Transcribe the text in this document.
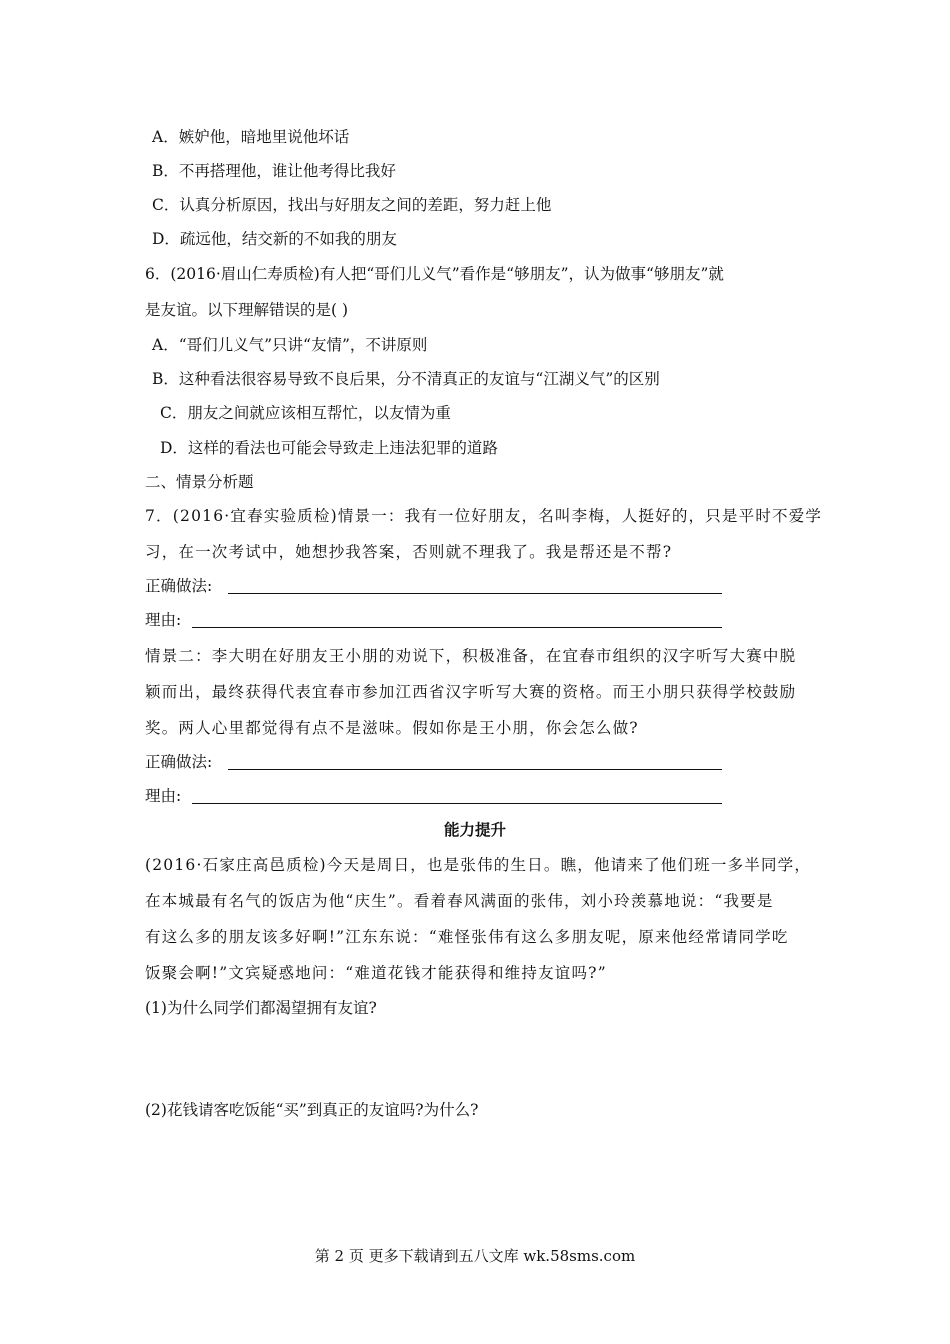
A．嫉妒他，暗地里说他坏话
B．不再搭理他，谁让他考得比我好
C．认真分析原因，找出与好朋友之间的差距，努力赶上他
D．疏远他，结交新的不如我的朋友
6．(2016·眉山仁寿质检)有人把“哥们儿义气”看作是“够朋友”，认为做事“够朋友”就
是友谊。以下理解错误的是( )
A．“哥们儿义气”只讲“友情”，不讲原则
B．这种看法很容易导致不良后果，分不清真正的友谊与“江湖义气”的区别
C．朋友之间就应该相互帮忙，以友情为重
D．这样的看法也可能会导致走上违法犯罪的道路
二、情景分析题
7．(2016·宜春实验质检)情景一：我有一位好朋友，名叫李梅，人挺好的，只是平时不爱学
习，在一次考试中，她想抄我答案，否则就不理我了。我是帮还是不帮?
正确做法:
理由:
情景二：李大明在好朋友王小朋的劝说下，积极准备，在宜春市组织的汉字听写大赛中脱
颖而出，最终获得代表宜春市参加江西省汉字听写大赛的资格。而王小朋只获得学校鼓励
奖。两人心里都觉得有点不是滋味。假如你是王小朋，你会怎么做?
正确做法:
理由:
能力提升
(2016·石家庄高邑质检)今天是周日，也是张伟的生日。瞧，他请来了他们班一多半同学，
在本城最有名气的饭店为他“庆生”。看着春风满面的张伟，刘小玲羡慕地说：“我要是
有这么多的朋友该多好啊!”江东东说：“难怪张伟有这么多朋友呢，原来他经常请同学吃
饭聚会啊!”文宾疑惑地问：“难道花钱才能获得和维持友谊吗?”
(1)为什么同学们都渴望拥有友谊?
(2)花钱请客吃饭能“买”到真正的友谊吗?为什么?
第 2 页 更多下载请到五八文库 wk.58sms.com
